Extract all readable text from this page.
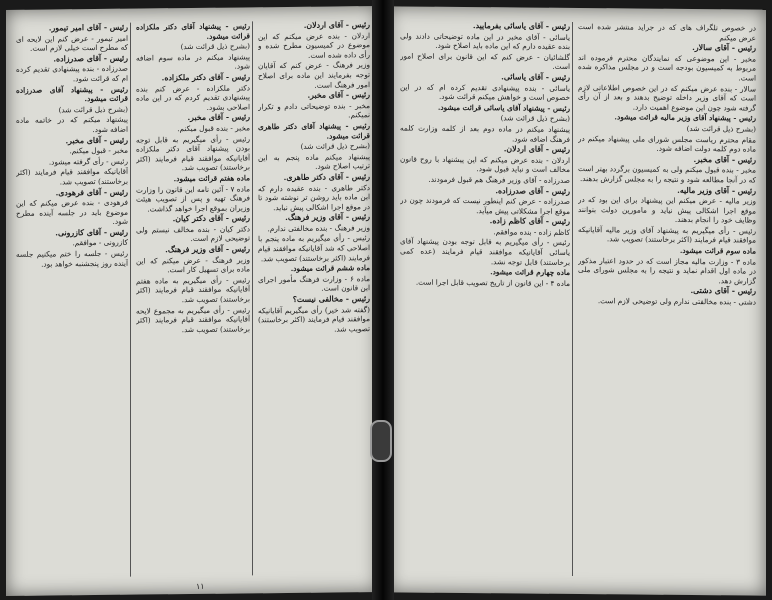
در خصوص تلگراف های که در جراید منتشر شده است عرض میکنم

رئیس - آقای سالار.

مخبر - این موضوعی که نمایندگان محترم فرموده اند مربوط به کمیسیون بودجه است و در مجلس مذاکره شده است.

سالار - بنده عرض میکنم که در این خصوص اطلاعاتی لازم است که آقای وزیر داخله توضیح بدهند و بعد از آن رأی گرفته شود چون این موضوع اهمیت دارد.

رئیس - پیشنهاد آقای وزیر مالیه قرائت میشود.

(بشرح ذیل قرائت شد)

مقام محترم ریاست مجلس شورای ملی پیشنهاد میکنم در ماده دوم کلمه دولت اضافه شود.

رئیس - آقای مخبر.

مخبر - بنده قبول میکنم ولی به کمیسیون برگردد بهتر است که در آنجا مطالعه شود و نتیجه را به مجلس گزارش بدهند.

رئیس - آقای وزیر مالیه.

وزیر مالیه - عرض میکنم این پیشنهاد برای این بود که در موقع اجرا اشکالی پیش نیاید و مامورین دولت بتوانند وظایف خود را انجام بدهند.

رئیس - رأی میگیریم به پیشنهاد آقای وزیر مالیه آقایانیکه موافقند قیام فرمایند (اکثر برخاستند) تصویب شد.

ماده سوم قرائت میشود.

ماده ۳ - وزارت مالیه مجاز است که در حدود اعتبار مذکور در ماده اول اقدام نماید و نتیجه را به مجلس شورای ملی گزارش دهد.

رئیس - آقای دشتی.

دشتی - بنده مخالفتی ندارم ولی توضیحی لازم است.

رئیس - آقای یاسائی بفرمایید.

یاسائی - آقای مخبر در این ماده توضیحاتی دادند ولی بنده عقیده دارم که این ماده باید اصلاح شود.

گلشائیان - عرض کنم که این قانون برای اصلاح امور است.

رئیس - آقای یاسائی.

یاسائی - بنده پیشنهادی تقدیم کرده ام که در این خصوص است و خواهش میکنم قرائت شود.

رئیس - پیشنهاد آقای یاسائی قرائت میشود.

(بشرح ذیل قرائت شد)

پیشنهاد میکنم در ماده دوم بعد از کلمه وزارت کلمه فرهنگ اضافه شود.

رئیس - آقای اردلان.

اردلان - بنده عرض میکنم که این پیشنهاد با روح قانون مخالف است و نباید قبول شود.

صدرزاده - آقای وزیر فرهنگ هم قبول فرمودند.

رئیس - آقای صدرزاده.

صدرزاده - عرض کنم اینطور نیست که فرمودند چون در موقع اجرا مشکلاتی پیش میآید.

رئیس - آقای کاظم زاده.

کاظم زاده - بنده موافقم.

رئیس - رأی میگیریم به قابل توجه بودن پیشنهاد آقای یاسائی آقایانیکه موافقند قیام فرمایند (عده کمی برخاستند) قابل توجه نشد.

ماده چهارم قرائت میشود.

ماده ۴ - این قانون از تاریخ تصویب قابل اجرا است.

رئیس - آقای اردلان.

اردلان - بنده عرض میکنم که این موضوع در کمیسیون مطرح شده و رأی داده شده است.

وزیر فرهنگ - عرض کنم که آقایان توجه بفرمایند این ماده برای اصلاح امور فرهنگ است.

رئیس - آقای مخبر.

مخبر - بنده توضیحاتی دادم و تکرار نمیکنم.

رئیس - پیشنهاد آقای دکتر طاهری قرائت میشود.

(بشرح ذیل قرائت شد)

پیشنهاد میکنم ماده پنجم به این ترتیب اصلاح شود.

رئیس - آقای دکتر طاهری.

دکتر طاهری - بنده عقیده دارم که این ماده باید روشن تر نوشته شود تا در موقع اجرا اشکالی پیش نیاید.

رئیس - آقای وزیر فرهنگ.

وزیر فرهنگ - بنده مخالفتی ندارم.

رئیس - رأی میگیریم به ماده پنجم با اصلاحی که شد آقایانیکه موافقند قیام فرمایند (اکثر برخاستند) تصویب شد.

ماده ششم قرائت میشود.

ماده ۶ - وزارت فرهنگ مأمور اجرای این قانون است.

رئیس - مخالفی نیست؟

(گفته شد خیر) رأی میگیریم آقایانیکه موافقند قیام فرمایند (اکثر برخاستند) تصویب شد.

رئیس - پیشنهاد آقای دکتر ملکزاده قرائت میشود.

(بشرح ذیل قرائت شد)

پیشنهاد میکنم در ماده سوم اضافه شود.

رئیس - آقای دکتر ملکزاده.

دکتر ملکزاده - عرض کنم بنده پیشنهادی تقدیم کردم که در این ماده اصلاحی بشود.

رئیس - آقای مخبر.

مخبر - بنده قبول میکنم.

رئیس - رأی میگیریم به قابل توجه بودن پیشنهاد آقای دکتر ملکزاده آقایانیکه موافقند قیام فرمایند (اکثر برخاستند) تصویب شد.

ماده هفتم قرائت میشود.

ماده ۷ - آئین نامه این قانون را وزارت فرهنگ تهیه و پس از تصویب هیئت وزیران بموقع اجرا خواهد گذاشت.

رئیس - آقای دکتر کیان.

دکتر کیان - بنده مخالف نیستم ولی توضیحی لازم است.

رئیس - آقای وزیر فرهنگ.

وزیر فرهنگ - عرض میکنم که این ماده برای تسهیل کار است.

رئیس - رأی میگیریم به ماده هفتم آقایانیکه موافقند قیام فرمایند (اکثر برخاستند) تصویب شد.

رئیس - رأی میگیریم به مجموع لایحه آقایانیکه موافقند قیام فرمایند (اکثر برخاستند) تصویب شد.

رئیس - آقای امیر تیمور.

امیر تیمور - عرض کنم این لایحه ای که مطرح است خیلی لازم است.

رئیس - آقای صدرزاده.

صدرزاده - بنده پیشنهادی تقدیم کرده ام که قرائت شود.

رئیس - پیشنهاد آقای صدرزاده قرائت میشود.

(بشرح ذیل قرائت شد)

پیشنهاد میکنم که در خاتمه ماده اضافه شود.

رئیس - آقای مخبر.

مخبر - قبول میکنم.

رئیس - رأی گرفته میشود.

آقایانیکه موافقند قیام فرمایند (اکثر برخاستند) تصویب شد.

رئیس - آقای فرهودی.

فرهودی - بنده عرض میکنم که این موضوع باید در جلسه آینده مطرح شود.

رئیس - آقای کازرونی.

کازرونی - موافقم.

رئیس - جلسه را ختم میکنیم جلسه آینده روز پنجشنبه خواهد بود.

۱۱
